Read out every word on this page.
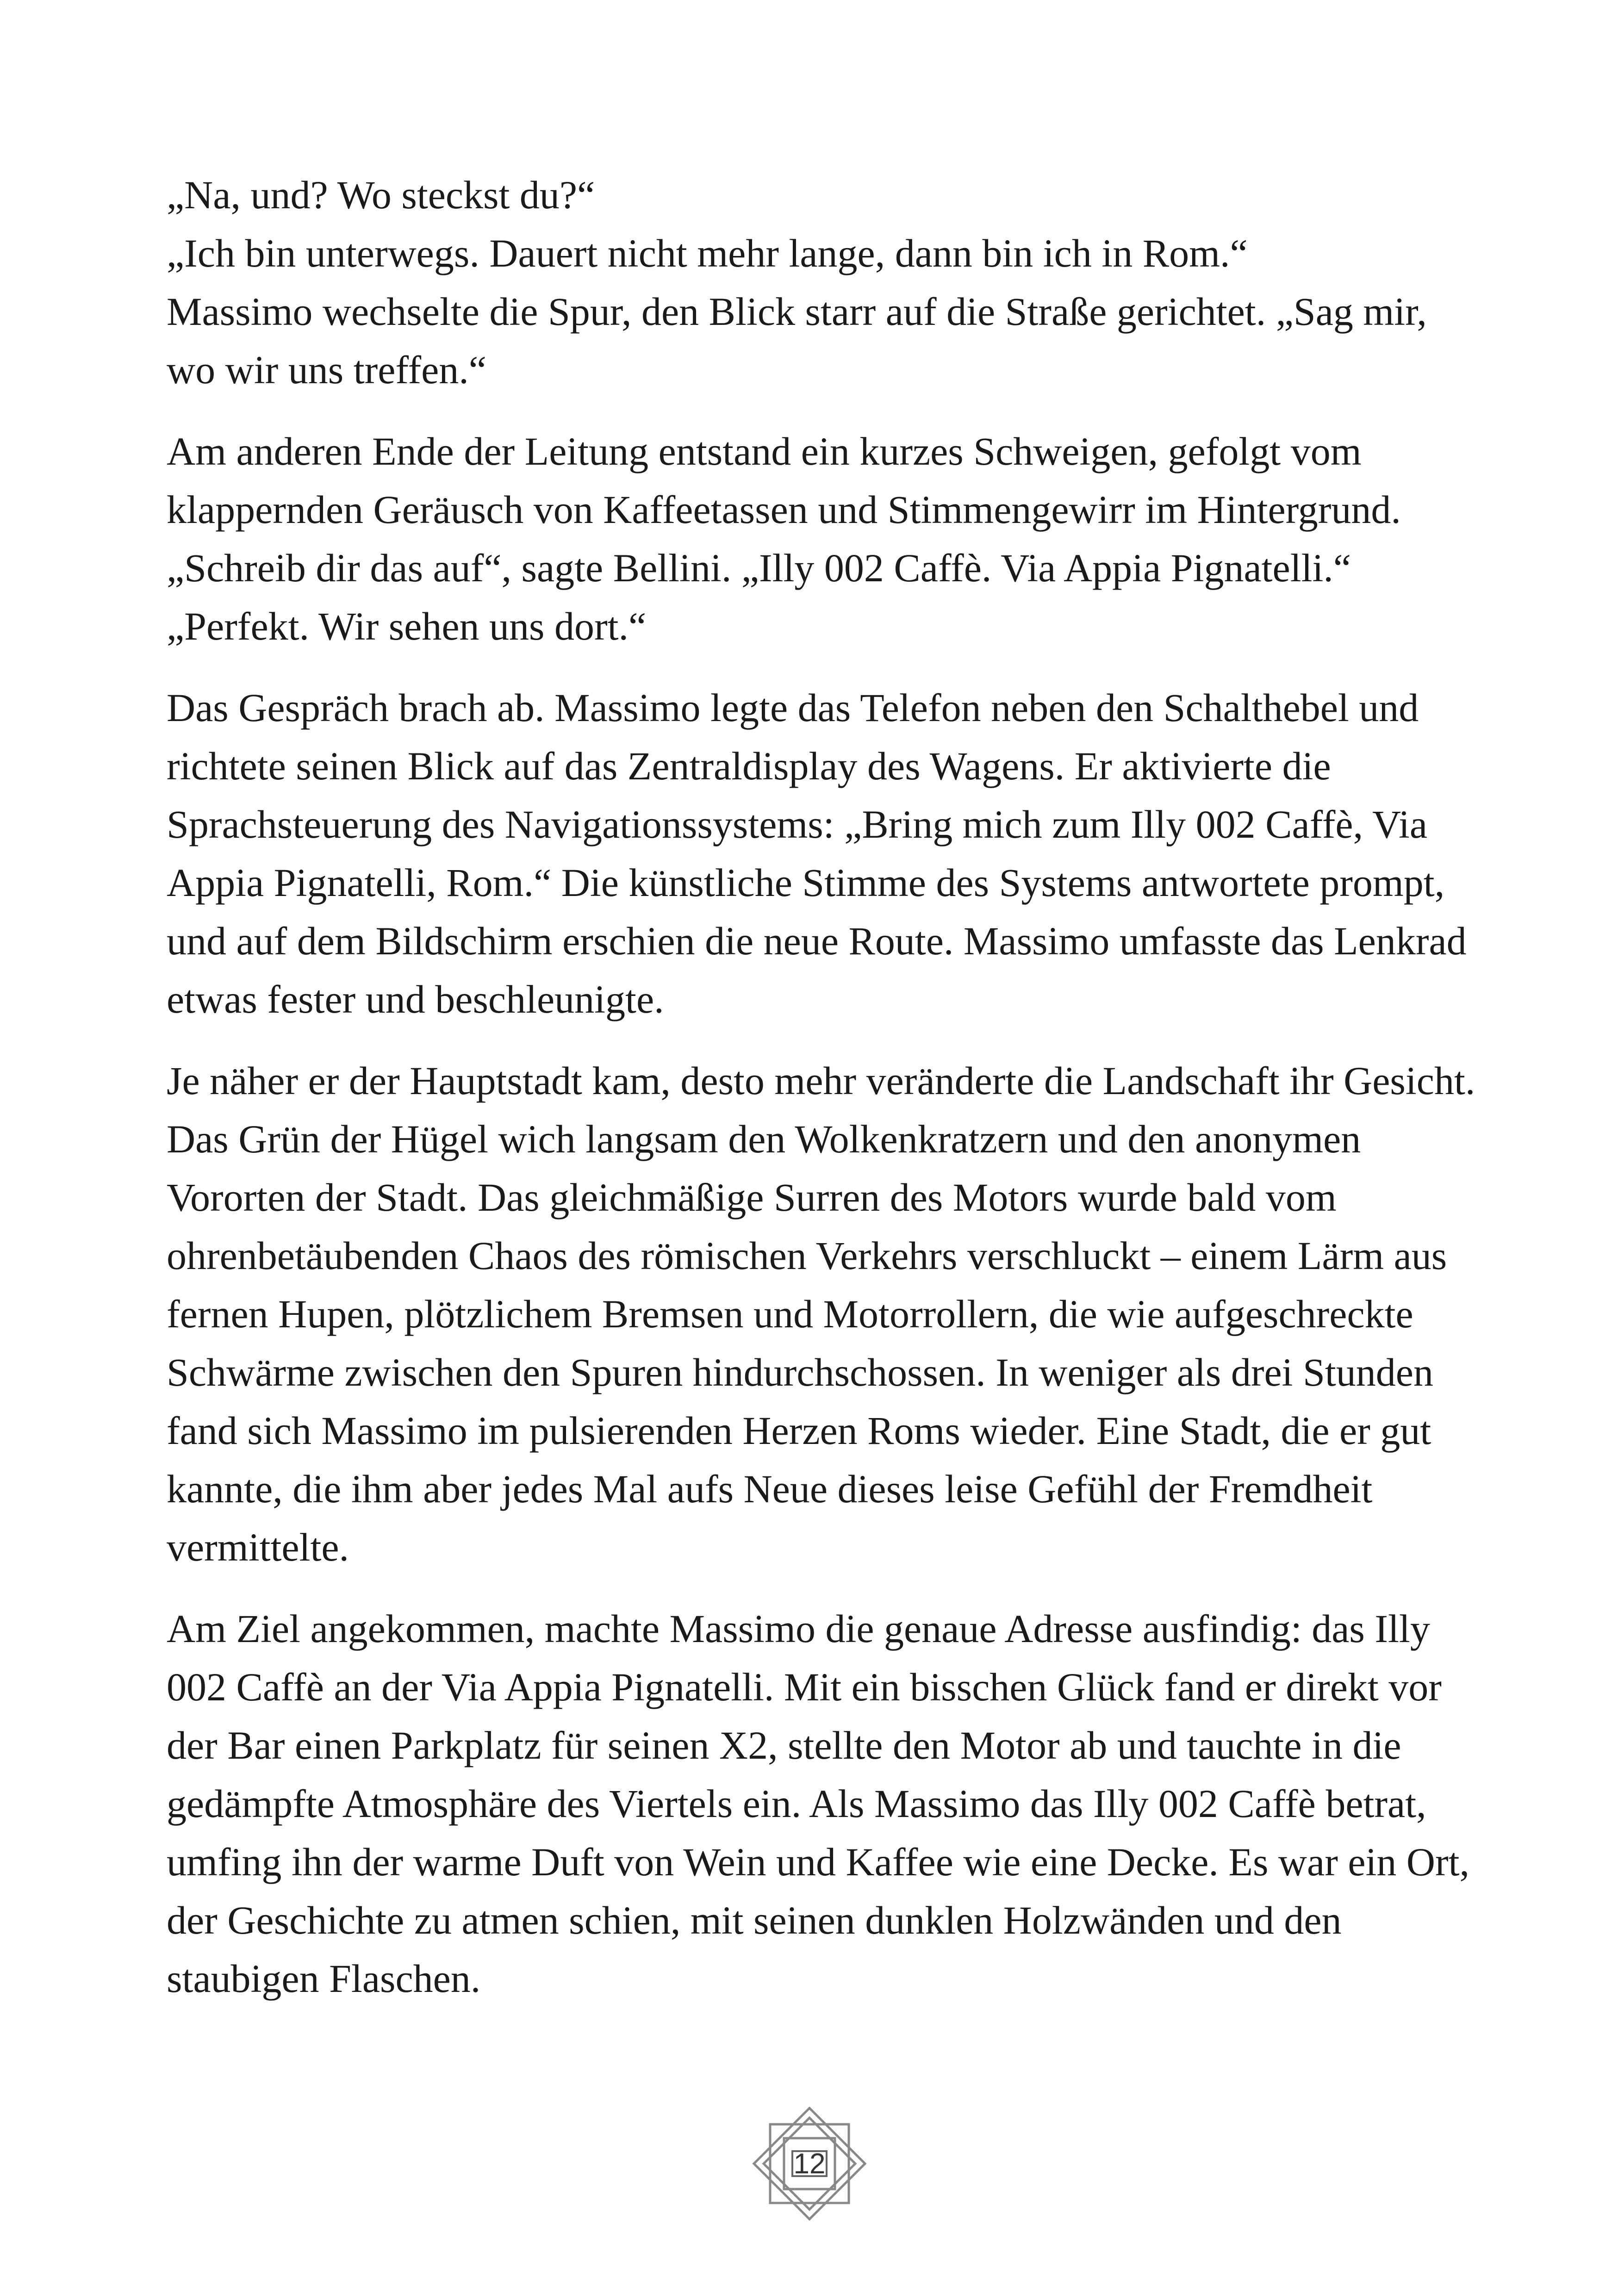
„Na, und? Wo steckst du?“
„Ich bin unterwegs. Dauert nicht mehr lange, dann bin ich in Rom.“
Massimo wechselte die Spur, den Blick starr auf die Straße gerichtet. „Sag mir, wo wir uns treffen.“

Am anderen Ende der Leitung entstand ein kurzes Schweigen, gefolgt vom klappernden Geräusch von Kaffeetassen und Stimmengewirr im Hintergrund.
„Schreib dir das auf“, sagte Bellini. „Illy 002 Caffè. Via Appia Pignatelli.“
„Perfekt. Wir sehen uns dort.“

Das Gespräch brach ab. Massimo legte das Telefon neben den Schalthebel und richtete seinen Blick auf das Zentraldisplay des Wagens. Er aktivierte die Sprachsteuerung des Navigationssystems: „Bring mich zum Illy 002 Caffè, Via Appia Pignatelli, Rom.“ Die künstliche Stimme des Systems antwortete prompt, und auf dem Bildschirm erschien die neue Route. Massimo umfasste das Lenkrad etwas fester und beschleunigte.

Je näher er der Hauptstadt kam, desto mehr veränderte die Landschaft ihr Gesicht. Das Grün der Hügel wich langsam den Wolkenkratzern und den anonymen Vororten der Stadt. Das gleichmäßige Surren des Motors wurde bald vom ohrenbetäubenden Chaos des römischen Verkehrs verschluckt – einem Lärm aus fernen Hupen, plötzlichem Bremsen und Motorrollern, die wie aufgeschreckte Schwärme zwischen den Spuren hindurchschossen. In weniger als drei Stunden fand sich Massimo im pulsierenden Herzen Roms wieder. Eine Stadt, die er gut kannte, die ihm aber jedes Mal aufs Neue dieses leise Gefühl der Fremdheit vermittelte.

Am Ziel angekommen, machte Massimo die genaue Adresse ausfindig: das Illy 002 Caffè an der Via Appia Pignatelli. Mit ein bisschen Glück fand er direkt vor der Bar einen Parkplatz für seinen X2, stellte den Motor ab und tauchte in die gedämpfte Atmosphäre des Viertels ein. Als Massimo das Illy 002 Caffè betrat, umfing ihn der warme Duft von Wein und Kaffee wie eine Decke. Es war ein Ort, der Geschichte zu atmen schien, mit seinen dunklen Holzwänden und den staubigen Flaschen.

12
